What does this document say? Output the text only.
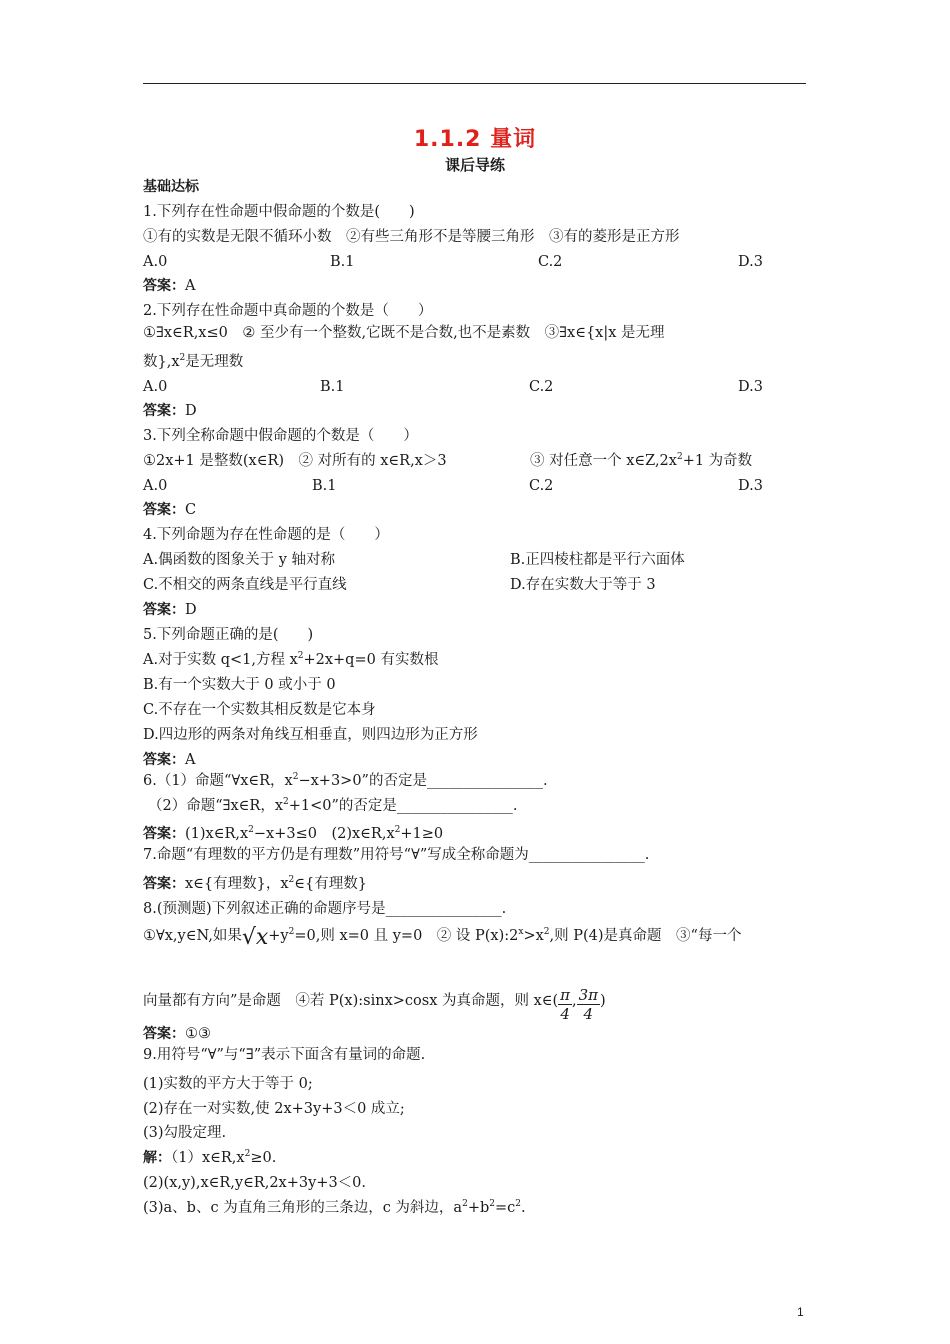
1.1.2 量词
课后导练
基础达标
1.下列存在性命题中假命题的个数是(　　)
①有的实数是无限不循环小数　②有些三角形不是等腰三角形　③有的菱形是正方形
A.0	B.1	C.2	D.3
答案：A
2.下列存在性命题中真命题的个数是（　　）
①∃x∈R,x≤0　② 至少有一个整数,它既不是合数,也不是素数　③∃x∈{x|x 是无理
数}$,x^2$是无理数
A.0	B.1	C.2	D.3
答案：D
3.下列全称命题中假命题的个数是（　　）
①2x+1 是整数(x∈R)　② 对所有的 x∈R,x＞3	③ 对任意一个 $x\in Z,2x^2+1$ 为奇数
A.0	B.1	C.2	D.3
答案：C
4.下列命题为存在性命题的是（　　）
A.偶函数的图象关于 y 轴对称	B.正四棱柱都是平行六面体
C.不相交的两条直线是平行直线	D.存在实数大于等于 3
答案：D
5.下列命题正确的是(　　)
A.对于实数 q<1,方程 $x^2+2x+q=0$ 有实数根
B.有一个实数大于 0 或小于 0
C.不存在一个实数其相反数是它本身
D.四边形的两条对角线互相垂直，则四边形为正方形
答案：A
6.（1）命题“∀x∈R，$x^2-x+3>0$”的否定是________________.
（2）命题“∃x∈R，$x^2+1<0$”的否定是________________.
答案：$(1)x\in R,x^2-x+3\le 0$　$(2)x\in R,x^2+1\ge 0$
7.命题“有理数的平方仍是有理数”用符号“∀”写成全称命题为________________.
答案：x∈{有理数}，$x^2\in${有理数}
8.(预测题)下列叙述正确的命题序号是________________.
①∀x,y∈N,如果$√x+y^2=0$,则 x=0 且 y=0　② 设 $P(x):2^x>x^2$,则 P(4)是真命题　③“每一个
向量都有方向”是命题　④若 P(x):sinx>cosx 为真命题，则 x∈( $\frac{\pi}{4}$ , $\frac{3\pi}{4}$ )
答案：①③
9.用符号“∀”与“∃”表示下面含有量词的命题.
(1)实数的平方大于等于 0;
(2)存在一对实数,使 2x+3y+3＜0 成立;
(3)勾股定理.
解：$(1)x\in R,x^2\ge 0$.
(2)(x,y),x∈R,y∈R,2x+3y+3＜0.
(3)a、b、c 为直角三角形的三条边，c 为斜边，$a^2+b^2=c^2$.
1
